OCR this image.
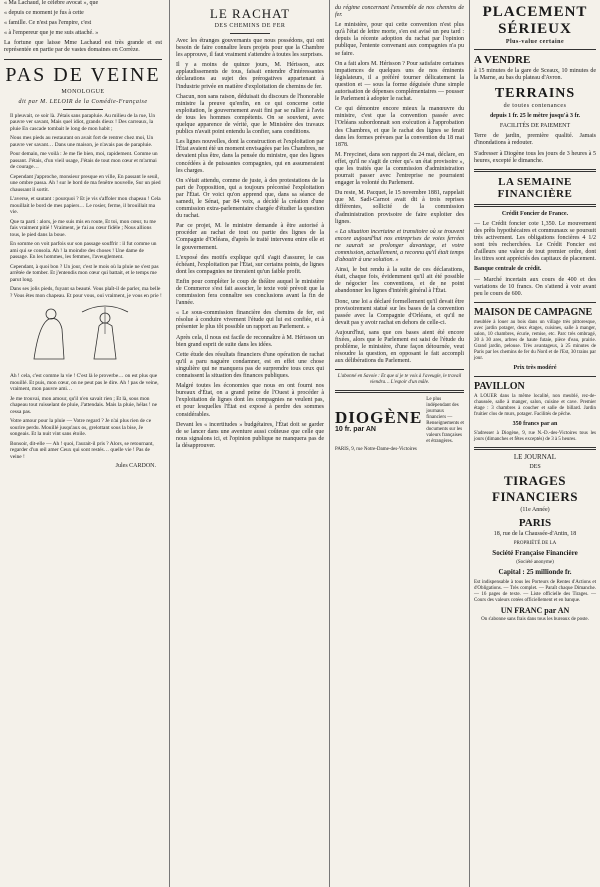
« Ma Lachaud, le célèbre avocat », que

« depuis ce moment je fus à cette

« famille. Ce n'est pas l'empire, c'est

« à l'empereur que je me suis attaché. »

La fortune que laisse Mme Lachaud est très grande et est représentée en partie par de vastes domaines en Corrèze.

PAS DE VEINE
MONOLOGUE
dit par M. LELOIR de la Comédie-Française

Il pleuvait, ce soir là. J'étais sans parapluie. Au milieu de la rue, Un pauvre ver savant, Mais quel idiot, grands dieux ! Des carreaux, la pluie En cascade tombait le long de mon habit ;

Nous mes pieds au restaurant on avait fort de rentrer chez moi, Un pauvre ver savant… Dans une maison, je n'avais pas de parapluie.

Pour demain, me voilà : Je me fie bien, moi, rapidement. Comme un passant. J'étais, d'un vieil usage, J'étais de tout mon cœur et m'armai de courage…

Cependant j'approche, monsieur presque en ville, En passant le seuil, une ombre passa. Ah ! sur le bord de ma fenêtre nouvelle, Sur un pied chaussant il sortit.

L'averse, et sautant : pourquoi ? Et je vis s'affoler mon chapeau ! Cela mouillait le bord de mes papiers… Le rosier, ferme, il brouillait ma vie.

Que ta parti : alors, je me suis mis en route, Et toi, mon cœur, tu me fais vraiment pitié ! Vraiment, je t'ai au cœur fidèle ; Nous allions tous, le pied dans la boue.

En somme on voit parfois sur son passage souffrir : il fut comme un ami qui se consola. Ah ! la moindre des choses ! Une dame de passage. En les hommes, les femmes, l'aveuglement.

Cependant, à quoi bon ? Un jour, c'est le mois où la pluie ne s'est pas arrêtée de tomber. Et j'entendis mon cœur qui battait, et le temps me parut long.

Dans ses jolis pieds, fuyant sa beauté. Vous plaît-il de parler, ma belle ? Vous êtes mon chapeau. Et pour vous, oui vraiment, je vous en prie !

Ah ! cela, c'est comme la vie ! C'est là le proverbe… on est plus que mouillé. Et puis, mon cœur, on ne peut pas le dire. Ah ! pas de veine, vraiment, mon pauvre ami…

Je me trouvai, mon amour, qu'il n'en savait rien ; Et là, sous mon chapeau tout ruisselant de pluie, J'attendais. Mais la pluie, hélas ! ne cessa pas.

Votre amour pour la pluie — Votre regard ? Je n'ai plus rien de ce sourire perdu. Mouillé jusqu'aux os, grelottant sous la bise, Je songeais. Et la nuit vint sans étoile.

Bonsoir, dit-elle — Ah ! quoi, l'aurait-il pris ? Alors, se retournant, regarder d'un œil amer Ceux qui sont restés… quelle vie ! Pas de veine !

Jules CARDON.
LE RACHAT
DES CHEMINS DE FER

Avec les étranges gouvernants que nous possédons, qui ont besoin de faire connaître leurs projets pour que la Chambre les approuve, il faut vraiment s'attendre à toutes les surprises.

Il y a moins de quinze jours, M. Hérisson, aux applaudissements de tous, faisait entendre d'intéressantes déclarations au sujet des prérogatives appartenant à l'industrie privée en matière d'exploitation de chemins de fer.

Chacun, non sans raison, déduisait du discours de l'honorable ministre la preuve qu'enfin, en ce qui concerne cette exploitation, le gouvernement avait fini par se rallier à l'avis de tous les hommes compétents. On se souvient, avec quelque apparence de vérité, que le Ministère des travaux publics n'avait point entendu la confier, sans conditions.

Les lignes nouvelles, dont la construction et l'exploitation par l'État avaient été un moment envisagées par les Chambres, ne devaient plus être, dans la pensée du ministre, que des lignes concédées à de puissantes compagnies, qui en assumeraient les charges.

On s'était attendu, comme de juste, à des protestations de la part de l'opposition, qui a toujours préconisé l'exploitation par l'État. Or voici qu'on apprend que, dans sa séance de samedi, le Sénat, par 84 voix, a décidé la création d'une commission extra-parlementaire chargée d'étudier la question du rachat.

Par ce projet, M. le ministre demande à être autorisé à procéder au rachat de tout ou partie des lignes de la Compagnie d'Orléans, d'après le traité intervenu entre elle et le gouvernement.

L'exposé des motifs explique qu'il s'agit d'assurer, le cas échéant, l'exploitation par l'État, sur certains points, de lignes dont les compagnies ne tireraient qu'un faible profit.

Enfin pour compléter le coup de théâtre auquel le ministère de Commerce s'est fait associer, le texte voté prévoit que la commission fera connaître ses conclusions avant la fin de l'année.

« Le sous-commission financière des chemins de fer, est résolue à conduire vivement l'étude qui lui est confiée, et à présenter le plus tôt possible un rapport au Parlement. »

Après cela, il nous est facile de reconnaître à M. Hérisson un bien grand esprit de suite dans les idées.

Cette étude des résultats financiers d'une opération de rachat qu'il a paru naguère condamner, est en effet une chose singulière qui ne manquera pas de surprendre tous ceux qui connaissent la situation des finances publiques.

Malgré toutes les économies que nous en ont fourni nos bureaux d'État, on a grand peine de l'Ouest à procéder à l'exploitation de lignes dont les compagnies ne veulent pas, et pour lesquelles l'État est exposé à perdre des sommes considérables.

Devant les « incertitudes » budgétaires, l'État doit se garder de se lancer dans une aventure aussi coûteuse que celle que nous signalons ici, et l'opinion publique ne manquera pas de la désapprouver.

du régime concernant l'ensemble de nos chemins de fer.

Le ministère, pour qui cette convention n'est plus qu'à l'état de lettre morte, s'en est avisé un peu tard : depuis la récente adoption du rachat par l'opinion publique, l'entente convenant aux compagnies n'a pu se faire.

On a fait alors M. Hérisson ? Pour satisfaire certaines impatiences de quelques uns de nos éminents législateurs, il a préféré tourner délicatement la question et — sous la forme déguisée d'une simple autorisation de dépenses complémentaires — pousser le Parlement à adopter le rachat.

Ce qui démontre encore mieux la manœuvre du ministre, c'est que la convention passée avec l'Orléans subordonnait son exécution à l'approbation des Chambres, et que le rachat des lignes se ferait dans les formes prévues par la convention du 18 mai 1878.

M. Freycinet, dans son rapport du 24 mai, déclare, en effet, qu'il ne s'agit de créer qu'« un état provisoire », que les traités que la commission d'administration pourrait passer avec l'entreprise ne pourraient engager la volonté du Parlement.

Du reste, M. Pacquet, le 15 novembre 1881, rappelait que M. Sadi-Carnot avait dit à trois reprises différentes, sollicité de la commission d'administration provisoire de faire exploiter des lignes.

« La situation incertaine et transitoire où se trouvent encore aujourd'hui nos entreprises de voies ferrées ne saurait se prolonger davantage, et votre commission, actuellement, a reconnu qu'il était temps d'aboutir à une solution. »

Ainsi, le but rendu à la suite de ces déclarations, était, chaque fois, évidemment qu'il ait été possible de négocier les conventions, et de ne point abandonner les lignes d'intérêt général à l'État.

Donc, une loi a déclaré formellement qu'il devait être provisoirement statué sur les bases de la convention passée avec la Compagnie d'Orléans, et qu'il ne devait pas y avoir rachat en dehors de celle-ci.

Aujourd'hui, sans que ces bases aient été encore fixées, alors que le Parlement est saisi de l'étude du problème, le ministère, d'une façon détournée, veut résoudre la question, en opposant le fait accompli aux délibérations du Parlement.

L'abonné en Savoie : Et que si je te vois à l'aveugle, le travail viendra… L'espoir d'un mâle.

DIOGÈNE
10 fr. par AN
Le plus indépendant des journaux financiers — Renseignements et documents sur les valeurs françaises et étrangères.
PARIS, 9, rue Notre-Dame-des-Victoires
PLACEMENT SÉRIEUX
Plus-value certaine
A VENDRE

à 15 minutes de la gare de Sceaux, 10 minutes de la Marne, au bas du plateau d'Avron.

TERRAINS
de toutes contenances
depuis 1 fr. 25 le mètre jusqu'à 3 fr.
FACILITÉS DE PAIEMENT

Terre de jardin, première qualité. Jamais d'inondations à redouter.

S'adresser à Diogène tous les jours de 3 heures à 5 heures, excepté le dimanche.

LA SEMAINE FINANCIÈRE
Crédit Foncier de France.

— Le Crédit foncier cote 1,350. Le mouvement des prêts hypothécaires et communaux se poursuit très activement. Les obligations foncières 4 1/2 sont très recherchées. Le Crédit Foncier est d'ailleurs une valeur de tout premier ordre, dont les titres sont appréciés des capitaux de placement.

Banque centrale de crédit.

— Marché incertain aux cours de 400 et des variations de 10 francs. On s'attend à voir avant peu le cours de 600.

MAISON DE CAMPAGNE

meublée à louer au bois dans un village très pittoresque, avec jardin potager, deux étages, cuisines, salle à manger, salon, 10 chambres, écurie, remise, etc. Parc très ombragé, 20 à 30 ares, arbres de haute futaie, pièce d'eau, prairie. Grand jardin, pelouse. Très avantageux, à 25 minutes de Paris par les chemins de fer du Nord et de l'Est, 30 trains par jour.

Prix très modéré
PAVILLON

A LOUER dans la même localité, non meublé, rez-de-chaussée, salle à manger, salon, cuisine et cave. Premier étage : 3 chambres à coucher et salle de billard. Jardin fruitier clos de murs, potager. Facilités de pêche.

350 francs par an

S'adresser à Diogène, 9, rue N.-D.-des-Victoires tous les jours (dimanches et fêtes exceptés) de 3 à 5 heures.

LE JOURNAL
DES
TIRAGES FINANCIERS
(11e Année)
PARIS
18, rue de la Chaussée-d'Antin, 18
PROPRIÉTÉ DE LA
Société Française Financière
(Société anonyme)
Capital : 25 millionde fr.

Est indispensable à tous les Porteurs de Rentes d'Actions et d'Obligations. — Très complet. — Paraît chaque Dimanche. — 16 pages de texte. — Liste officielle des Tirages. — Cours des valeurs cotées officiellement et en banque.

UN FRANC par AN

On s'abonne sans frais dans tous les bureaux de poste.
